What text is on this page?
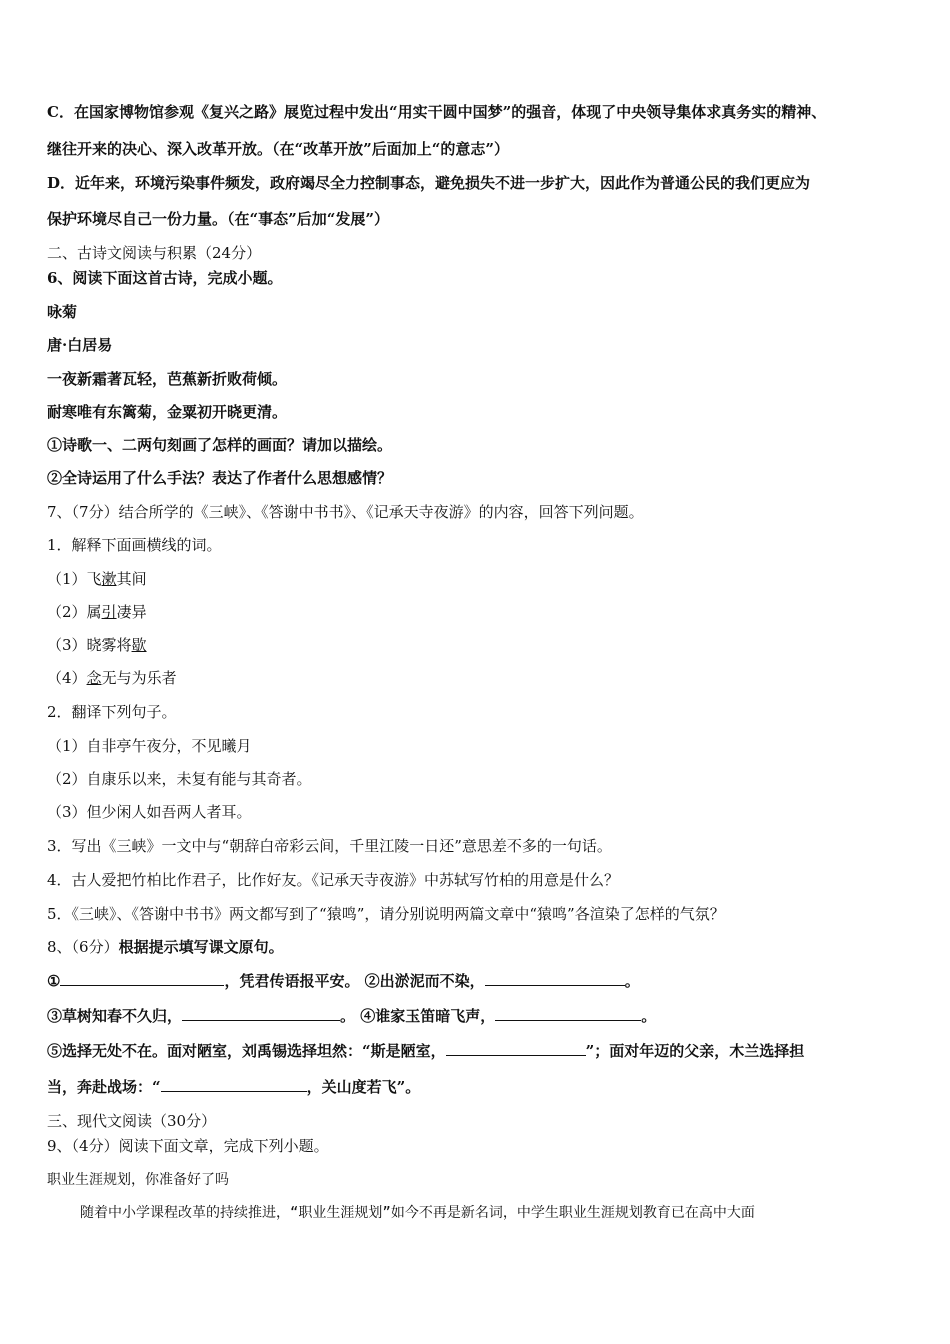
C．在国家博物馆参观《复兴之路》展览过程中发出“用实干圆中国梦”的强音，体现了中央领导集体求真务实的精神、
继往开来的决心、深入改革开放。（在“改革开放”后面加上“的意志”）
D．近年来，环境污染事件频发，政府竭尽全力控制事态，避免损失不进一步扩大，因此作为普通公民的我们更应为
保护环境尽自己一份力量。（在“事态”后加“发展”）
二、古诗文阅读与积累（24分）
6、阅读下面这首古诗，完成小题。
咏菊
唐·白居易
一夜新霜著瓦轻，芭蕉新折败荷倾。
耐寒唯有东篱菊，金粟初开晓更清。
①诗歌一、二两句刻画了怎样的画面？请加以描绘。
②全诗运用了什么手法？表达了作者什么思想感情？
7、（7分）结合所学的《三峡》、《答谢中书书》、《记承天寺夜游》的内容，回答下列问题。
1．解释下面画横线的词。
（1）飞漱其间
（2）属引凄异
（3）晓雾将歇
（4）念无与为乐者
2．翻译下列句子。
（1）自非亭午夜分，不见曦月
（2）自康乐以来，未复有能与其奇者。
（3）但少闲人如吾两人者耳。
3．写出《三峡》一文中与“朝辞白帝彩云间，千里江陵一日还”意思差不多的一句话。
4．古人爱把竹柏比作君子，比作好友。《记承天寺夜游》中苏轼写竹柏的用意是什么？
5．《三峡》、《答谢中书书》两文都写到了“猿鸣”，请分别说明两篇文章中“猿鸣”各渲染了怎样的气氛？
8、（6分）根据提示填写课文原句。
①	，凭君传语报平安。 ②出淤泥而不染，	。
③草树知春不久归，	。 ④谁家玉笛暗飞声，	。
⑤选择无处不在。面对陋室，刘禹锡选择坦然：“斯是陋室，	”；面对年迈的父亲，木兰选择担
当，奔赴战场：“	，关山度若飞”。
三、现代文阅读（30分）
9、（4分）阅读下面文章，完成下列小题。
职业生涯规划，你准备好了吗
随着中小学课程改革的持续推进，“职业生涯规划”如今不再是新名词，中学生职业生涯规划教育已在高中大面
